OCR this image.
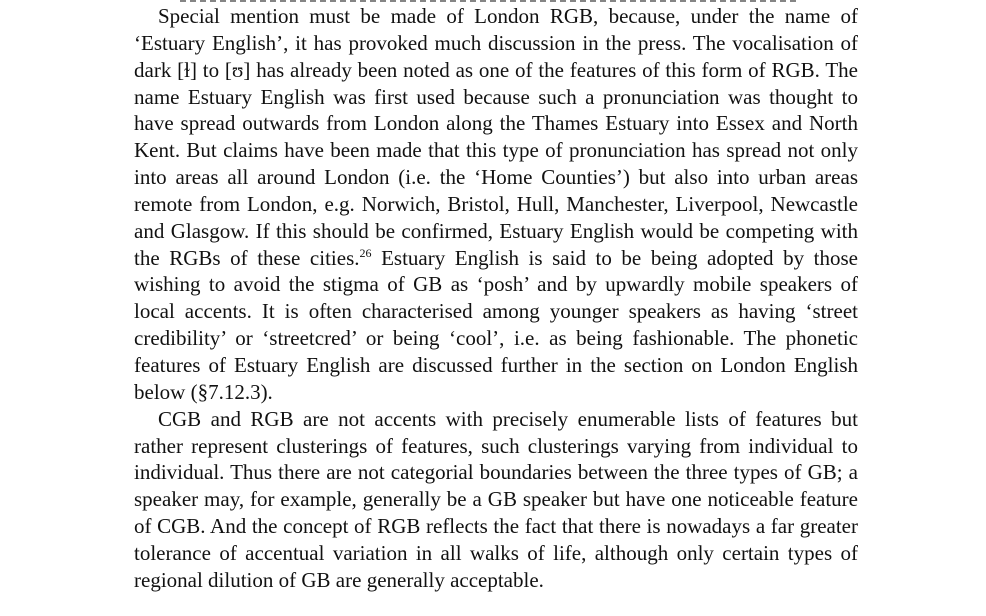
Special mention must be made of London RGB, because, under the name of ‘Estuary English’, it has provoked much discussion in the press. The vocalisation of dark [ɫ] to [ʊ] has already been noted as one of the features of this form of RGB. The name Estuary English was first used because such a pronunciation was thought to have spread outwards from London along the Thames Estuary into Essex and North Kent. But claims have been made that this type of pronunciation has spread not only into areas all around London (i.e. the ‘Home Counties’) but also into urban areas remote from London, e.g. Norwich, Bristol, Hull, Manchester, Liverpool, Newcastle and Glasgow. If this should be confirmed, Estuary English would be competing with the RGBs of these cities.$^{26}$ Estuary English is said to be being adopted by those wishing to avoid the stigma of GB as ‘posh’ and by upwardly mobile speakers of local accents. It is often characterised among younger speakers as having ‘street credibility’ or ‘streetcred’ or being ‘cool’, i.e. as being fashionable. The phonetic features of Estuary English are discussed further in the section on London English below (§7.12.3).

CGB and RGB are not accents with precisely enumerable lists of features but rather represent clusterings of features, such clusterings varying from individual to individual. Thus there are not categorial boundaries between the three types of GB; a speaker may, for example, generally be a GB speaker but have one noticeable feature of CGB. And the concept of RGB reflects the fact that there is nowadays a far greater tolerance of accentual variation in all walks of life, although only certain types of regional dilution of GB are generally acceptable.
